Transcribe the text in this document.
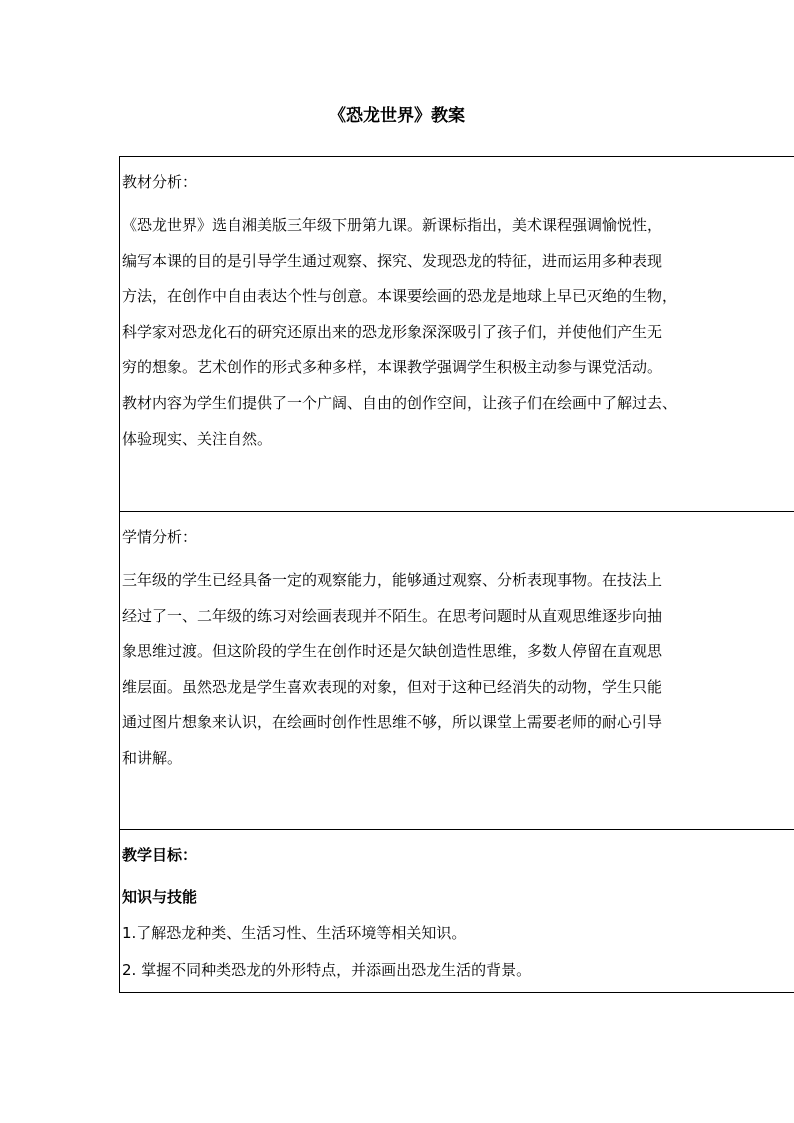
《恐龙世界》教案
教材分析：
《恐龙世界》选自湘美版三年级下册第九课。新课标指出，美术课程强调愉悦性，
编写本课的目的是引导学生通过观察、探究、发现恐龙的特征，进而运用多种表现
方法，在创作中自由表达个性与创意。本课要绘画的恐龙是地球上早已灭绝的生物，
科学家对恐龙化石的研究还原出来的恐龙形象深深吸引了孩子们，并使他们产生无
穷的想象。艺术创作的形式多种多样，本课教学强调学生积极主动参与课党活动。
教材内容为学生们提供了一个广阔、自由的创作空间，让孩子们在绘画中了解过去、
体验现实、关注自然。
学情分析：
三年级的学生已经具备一定的观察能力，能够通过观察、分析表现事物。在技法上
经过了一、二年级的练习对绘画表现并不陌生。在思考问题时从直观思维逐步向抽
象思维过渡。但这阶段的学生在创作时还是欠缺创造性思维，多数人停留在直观思
维层面。虽然恐龙是学生喜欢表现的对象，但对于这种已经消失的动物，学生只能
通过图片想象来认识，在绘画时创作性思维不够，所以课堂上需要老师的耐心引导
和讲解。
教学目标：
知识与技能
1.了解恐龙种类、生活习性、生活环境等相关知识。
2. 掌握不同种类恐龙的外形特点，并添画出恐龙生活的背景。
